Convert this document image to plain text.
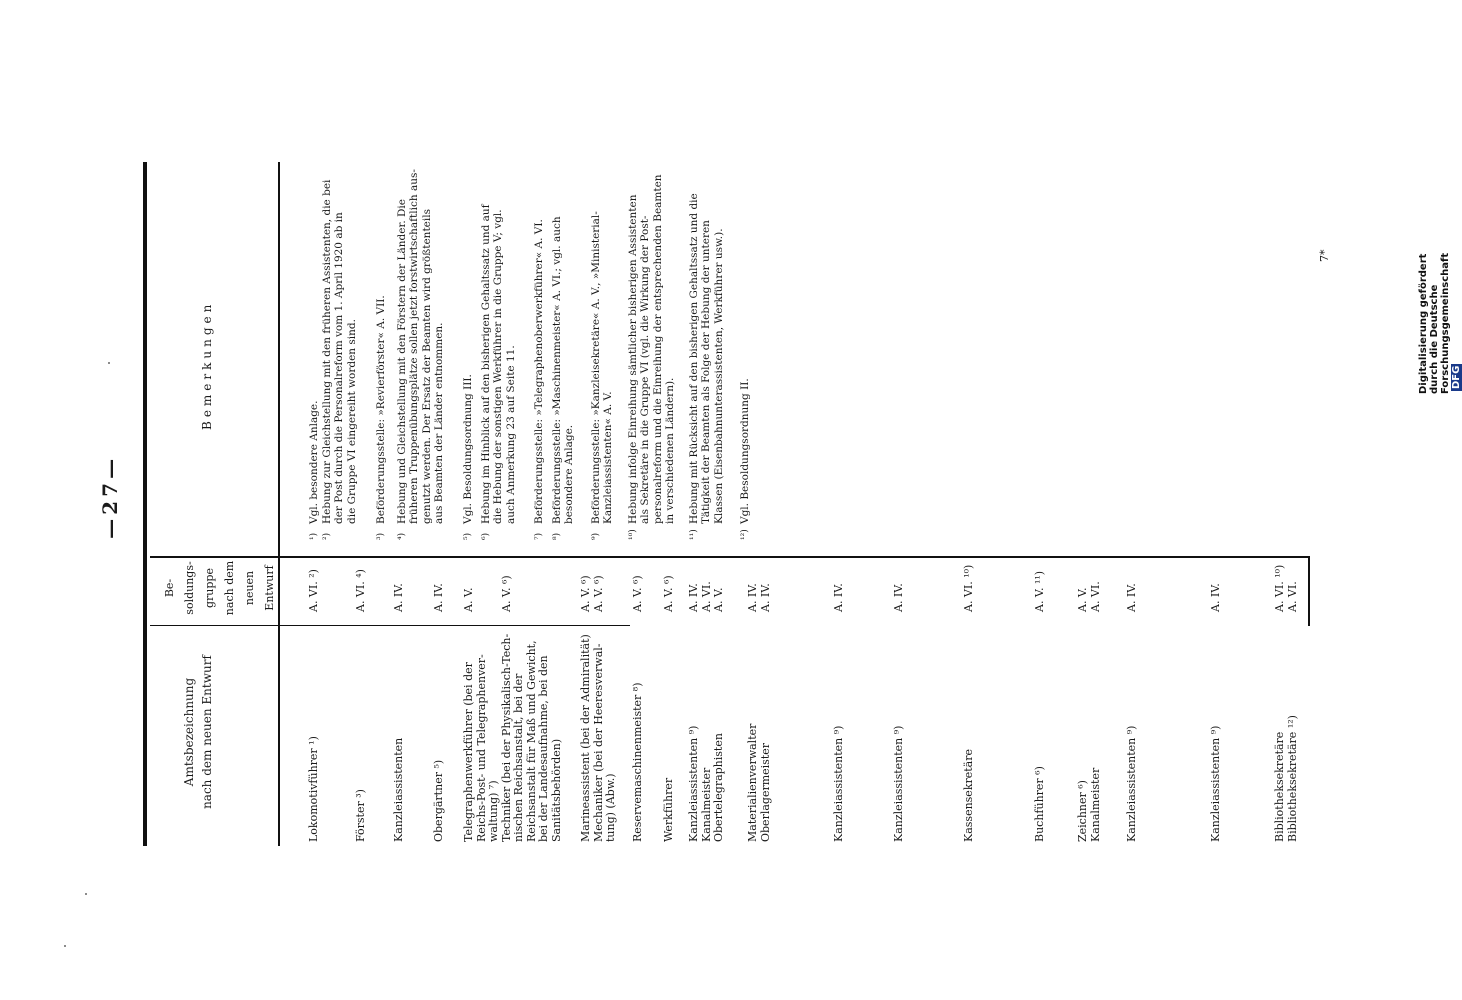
—27—
Amtsbezeichnung
nach dem neuen Entwurf
Be-
soldungs-
gruppe
nach dem
neuen
Entwurf
Bemerkungen
Lokomotivführer ¹)
A. VI. ²)
Förster ³)
A. VI. ⁴)
Kanzleiassistenten
A. IV.
Obergärtner ⁵)
A. IV.
Telegraphenwerkführer (bei der
Reichs-Post- und Telegraphenver-
waltung) ⁷)
Techniker (bei der Physikalisch-Tech-
nischen Reichsanstalt, bei der
Reichsanstalt für Maß und Gewicht,
bei der Landesaufnahme, bei den
Sanitätsbehörden)
A. V.

A. V. ⁶)
Marineassistent (bei der Admiralität)
Mechaniker (bei der Heeresverwal-
tung) (Abw.)
A. V. ⁶)
A. V. ⁶)
Reservemaschinenmeister ⁸)
A. V. ⁶)
Werkführer
A. V. ⁶)
Kanzleiassistenten ⁹)
Kanalmeister
Obertelegraphisten
A. IV.
A. VI.
A. V.
Materialienverwalter
Oberlagermeister
A. IV.
A. IV.
Kanzleiassistenten ⁹)
A. IV.
Kanzleiassistenten ⁹)
A. IV.
Kassensekretäre
A. VI. ¹⁰)
Buchführer ⁶)
A. V. ¹¹)
Zeichner ⁶)
Kanalmeister
A. V.
A. VI.
Kanzleiassistenten ⁹)
A. IV.
Kanzleiassistenten ⁹)
A. IV.
Bibliotheksekretäre
Bibliotheksekretäre ¹²)
A. VI. ¹⁰)
A. VI.
¹)
Vgl. besondere Anlage.
²)
Hebung zur Gleichstellung mit den früheren Assistenten, die bei
der Post durch die Personalreform vom 1. April 1920 ab in
die Gruppe VI eingereiht worden sind.
³)
Beförderungsstelle: »Revierförster« A. VII.
⁴)
Hebung und Gleichstellung mit den Förstern der Länder. Die
früheren Truppenübungsplätze sollen jetzt forstwirtschaftlich aus-
genutzt werden. Der Ersatz der Beamten wird größtenteils
aus Beamten der Länder entnommen.
⁵)
Vgl. Besoldungsordnung III.
⁶)
Hebung im Hinblick auf den bisherigen Gehaltssatz und auf
die Hebung der sonstigen Werkführer in die Gruppe V; vgl.
auch Anmerkung 23 auf Seite 11.
⁷)
Beförderungsstelle: »Telegraphenoberwerkführer« A. VI.
⁸)
Beförderungsstelle: »Maschinenmeister« A. VI.; vgl. auch
besondere Anlage.
⁹)
Beförderungsstelle: »Kanzleisekretäre« A. V., »Ministerial-
Kanzleiassistenten« A. V.
¹⁰)
Hebung infolge Einreihung sämtlicher bisherigen Assistenten
als Sekretäre in die Gruppe VI (vgl. die Wirkung der Post-
personalreform und die Einreihung der entsprechenden Beamten
in verschiedenen Ländern).
¹¹)
Hebung mit Rücksicht auf den bisherigen Gehaltssatz und die
Tätigkeit der Beamten als Folge der Hebung der unteren
Klassen (Eisenbahnunterassistenten, Werkführer usw.).
¹²)
Vgl. Besoldungsordnung II.
7*	Digitalisierung gefördert durch die Deutsche ForschungsgemeinschaftDFG
